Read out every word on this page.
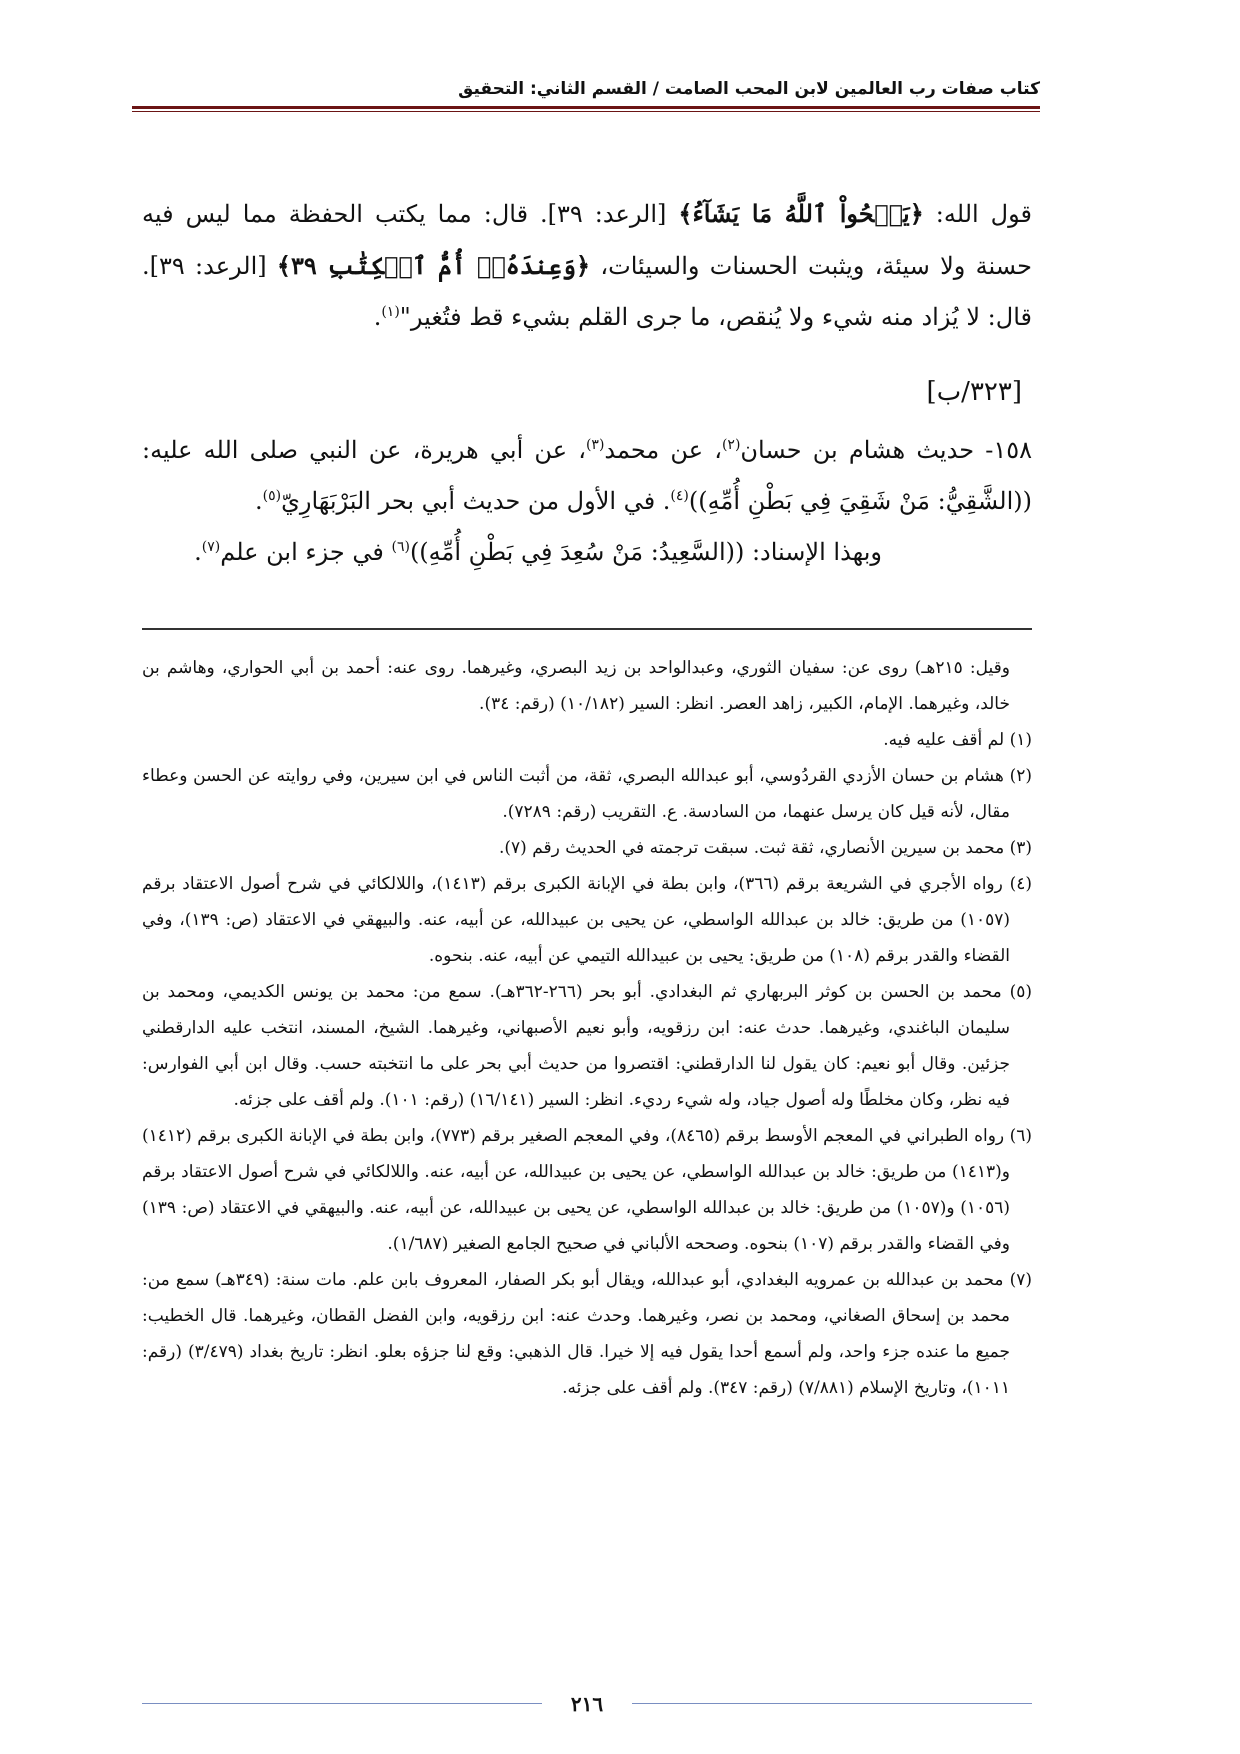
كتاب صفات رب العالمين لابن المحب الصامت / القسم الثاني: التحقيق

قول الله: ﴿يَمۡحُواْ ٱللَّهُ مَا يَشَآءُ﴾ [الرعد: ٣٩]. قال: مما يكتب الحفظة مما ليس فيه حسنة ولا سيئة، ويثبت الحسنات والسيئات، ﴿وَعِندَهُۥٓ أُمُّ ٱلۡكِتَٰبِ ٣٩﴾ [الرعد: ٣٩]. قال: لا يُزاد منه شيء ولا يُنقص، ما جرى القلم بشيء قط فتُغير"$^{(١)}$.

[٣٢٣/ب]

١٥٨- حديث هشام بن حسان$^{(٢)}$، عن محمد$^{(٣)}$، عن أبي هريرة، عن النبي صلى الله عليه: ((الشَّقِيُّ: مَنْ شَقِيَ فِي بَطْنِ أُمِّهِ))$^{(٤)}$. في الأول من حديث أبي بحر البَرْبَهَارِيّ$^{(٥)}$.

وبهذا الإسناد: ((السَّعِيدُ: مَنْ سُعِدَ فِي بَطْنِ أُمِّهِ))$^{(٦)}$ في جزء ابن علم$^{(٧)}$.

وقيل: ٢١٥هـ) روى عن: سفيان الثوري، وعبدالواحد بن زيد البصري، وغيرهما. روى عنه: أحمد بن أبي الحواري، وهاشم بن خالد، وغيرهما. الإمام، الكبير، زاهد العصر. انظر: السير (١٠/١٨٢) (رقم: ٣٤).

(١) لم أقف عليه فيه.

(٢) هشام بن حسان الأزدي القردُوسي، أبو عبدالله البصري، ثقة، من أثبت الناس في ابن سيرين، وفي روايته عن الحسن وعطاء مقال، لأنه قيل كان يرسل عنهما، من السادسة. ع. التقريب (رقم: ٧٢٨٩).

(٣) محمد بن سيرين الأنصاري، ثقة ثبت. سبقت ترجمته في الحديث رقم (٧).

(٤) رواه الأجري في الشريعة برقم (٣٦٦)، وابن بطة في الإبانة الكبرى برقم (١٤١٣)، واللالكائي في شرح أصول الاعتقاد برقم (١٠٥٧) من طريق: خالد بن عبدالله الواسطي، عن يحيى بن عبيدالله، عن أبيه، عنه. والبيهقي في الاعتقاد (ص: ١٣٩)، وفي القضاء والقدر برقم (١٠٨) من طريق: يحيى بن عبيدالله التيمي عن أبيه، عنه. بنحوه.

(٥) محمد بن الحسن بن كوثر البربهاري ثم البغدادي. أبو بحر (٢٦٦-٣٦٢هـ). سمع من: محمد بن يونس الكديمي، ومحمد بن سليمان الباغندي، وغيرهما. حدث عنه: ابن رزقويه، وأبو نعيم الأصبهاني، وغيرهما. الشيخ، المسند، انتخب عليه الدارقطني جزئين. وقال أبو نعيم: كان يقول لنا الدارقطني: اقتصروا من حديث أبي بحر على ما انتخبته حسب. وقال ابن أبي الفوارس: فيه نظر، وكان مخلطًا وله أصول جياد، وله شيء رديء. انظر: السير (١٦/١٤١) (رقم: ١٠١). ولم أقف على جزئه.

(٦) رواه الطبراني في المعجم الأوسط برقم (٨٤٦٥)، وفي المعجم الصغير برقم (٧٧٣)، وابن بطة في الإبانة الكبرى برقم (١٤١٢) و(١٤١٣) من طريق: خالد بن عبدالله الواسطي، عن يحيى بن عبيدالله، عن أبيه، عنه. واللالكائي في شرح أصول الاعتقاد برقم (١٠٥٦) و(١٠٥٧) من طريق: خالد بن عبدالله الواسطي، عن يحيى بن عبيدالله، عن أبيه، عنه. والبيهقي في الاعتقاد (ص: ١٣٩) وفي القضاء والقدر برقم (١٠٧) بنحوه. وصححه الألباني في صحيح الجامع الصغير (١/٦٨٧).

(٧) محمد بن عبدالله بن عمرويه البغدادي، أبو عبدالله، ويقال أبو بكر الصفار، المعروف بابن علم. مات سنة: (٣٤٩هـ) سمع من: محمد بن إسحاق الصغاني، ومحمد بن نصر، وغيرهما. وحدث عنه: ابن رزقويه، وابن الفضل القطان، وغيرهما. قال الخطيب: جميع ما عنده جزء واحد، ولم أسمع أحدا يقول فيه إلا خيرا. قال الذهبي: وقع لنا جزؤه بعلو. انظر: تاريخ بغداد (٣/٤٧٩) (رقم: ١٠١١)، وتاريخ الإسلام (٧/٨٨١) (رقم: ٣٤٧). ولم أقف على جزئه.

٢١٦
